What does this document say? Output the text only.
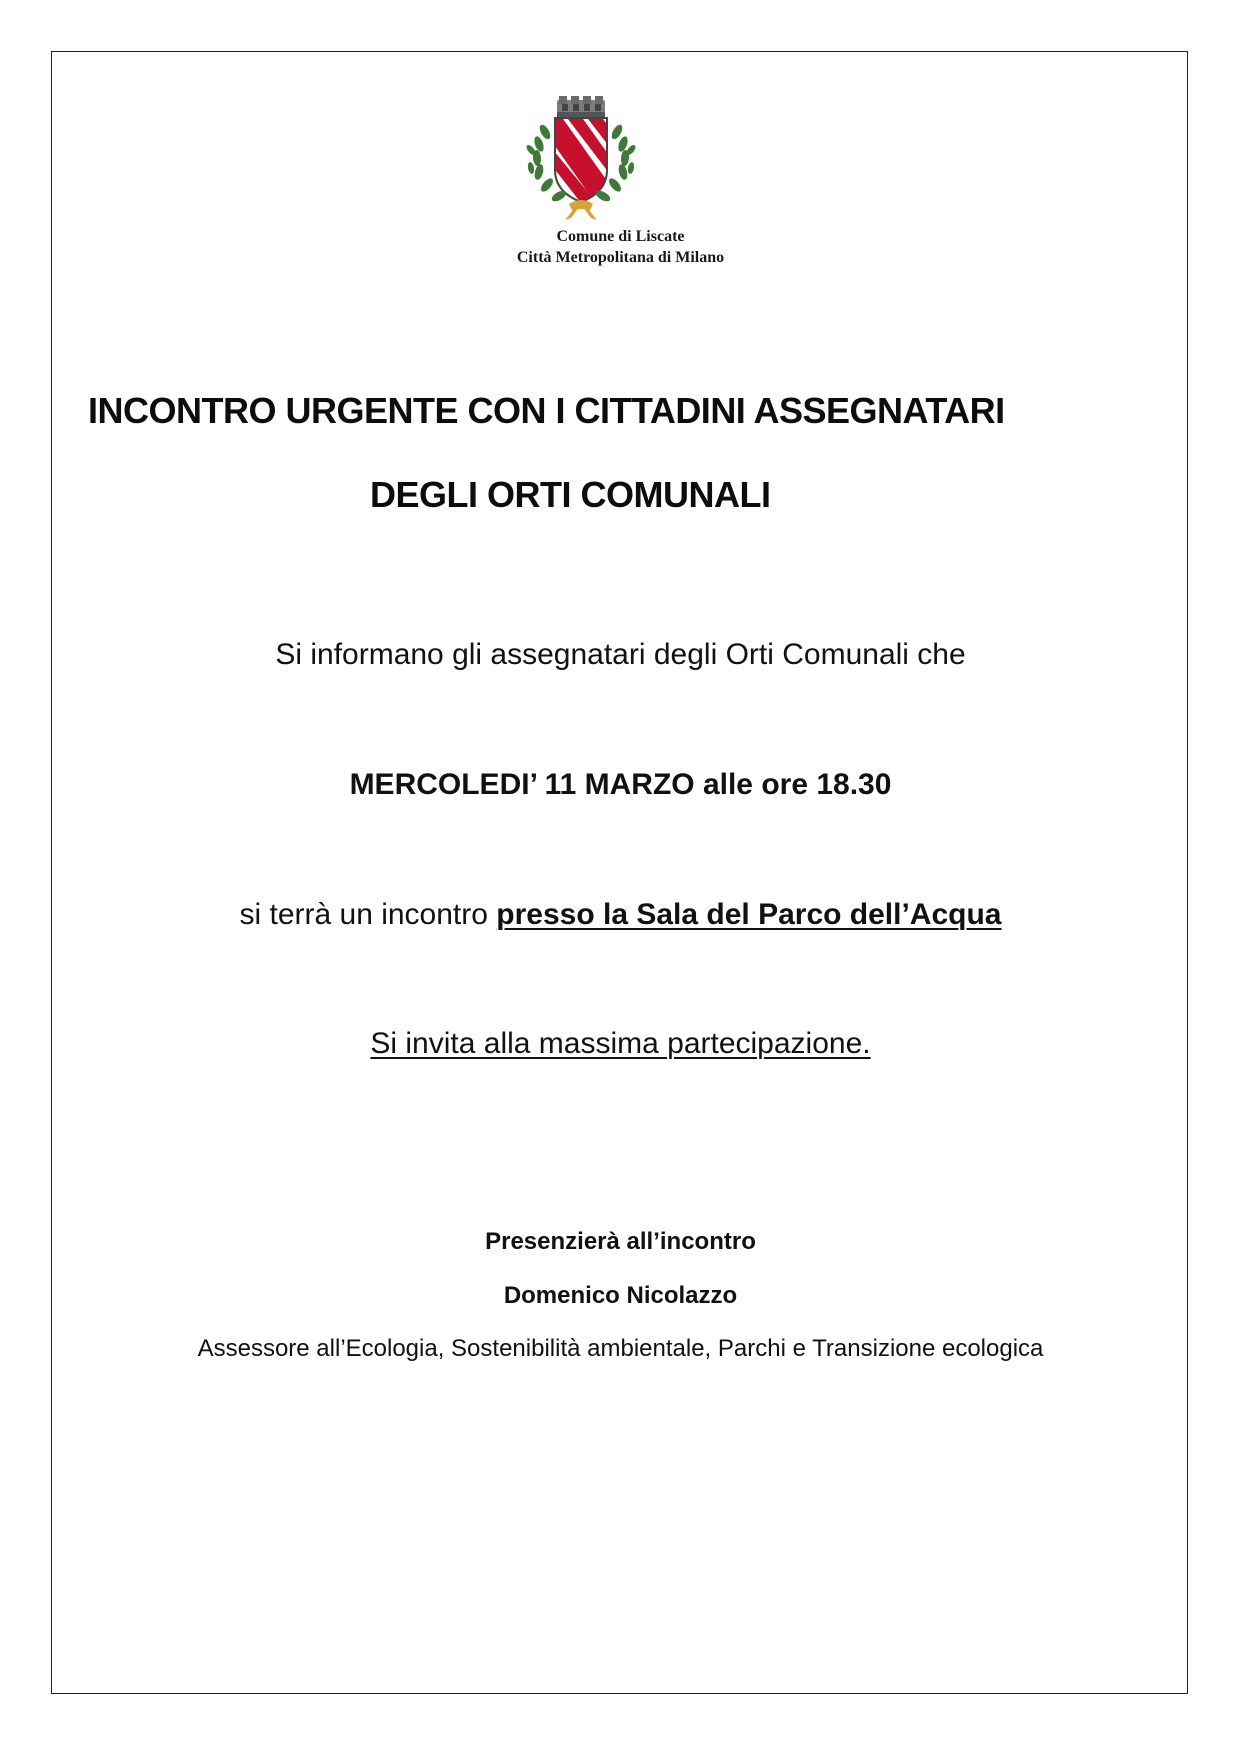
Comune di Liscate
Città Metropolitana di Milano
INCONTRO URGENTE CON I CITTADINI ASSEGNATARI
DEGLI ORTI COMUNALI
Si informano gli assegnatari degli Orti Comunali che
MERCOLEDI’ 11 MARZO alle ore 18.30
si terrà un incontro presso la Sala del Parco dell’Acqua
Si invita alla massima partecipazione.
Presenzierà all’incontro
Domenico Nicolazzo
Assessore all’Ecologia, Sostenibilità ambientale, Parchi e Transizione ecologica
